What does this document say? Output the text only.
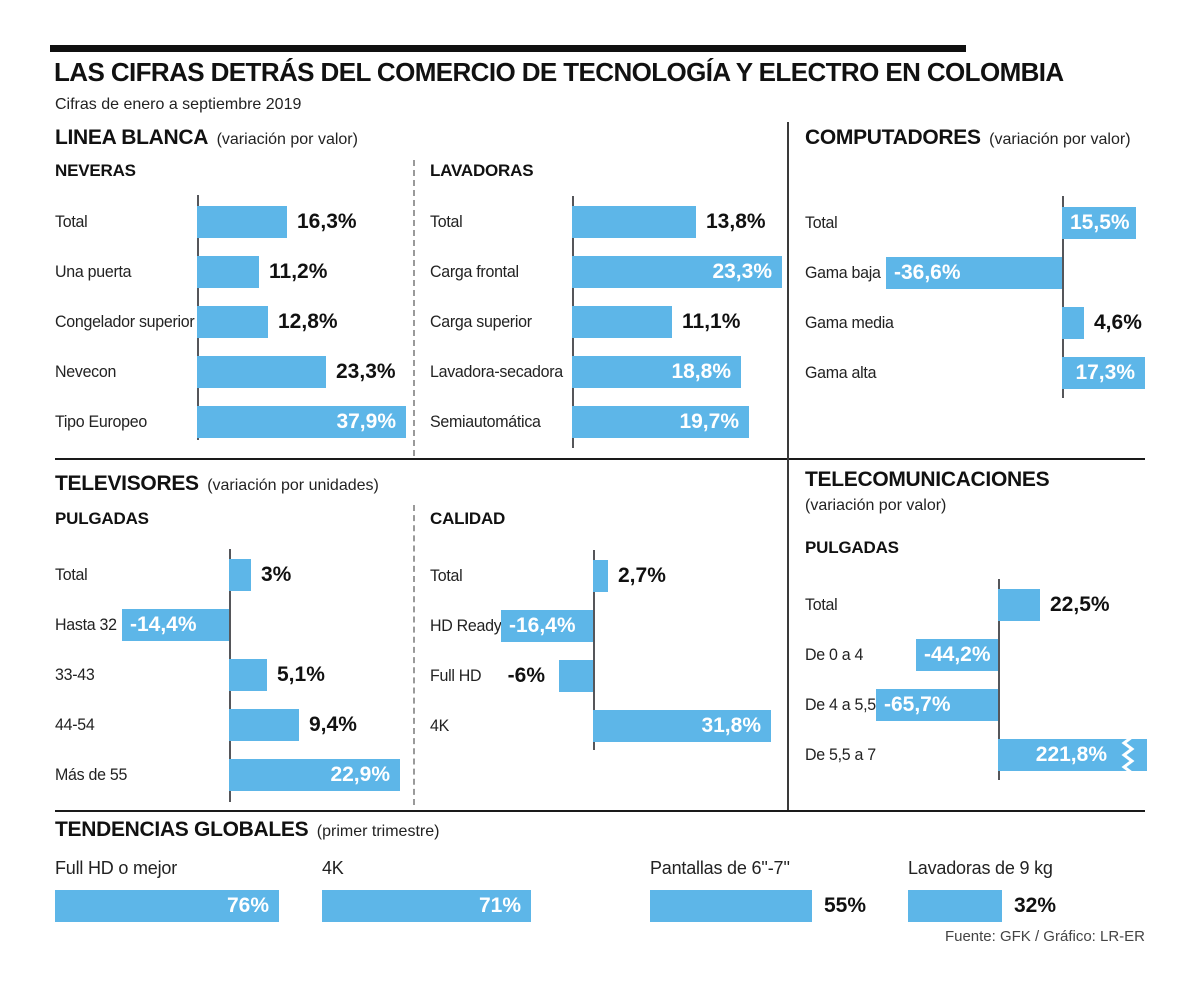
LAS CIFRAS DETRÁS DEL COMERCIO DE TECNOLOGÍA Y ELECTRO EN COLOMBIA
Cifras de enero a septiembre 2019
LINEA BLANCA (variación por valor)
NEVERAS	LAVADORAS
COMPUTADORES (variación por valor)
TELEVISORES (variación por unidades)
PULGADAS	CALIDAD
TELECOMUNICACIONES
(variación por valor)
PULGADAS
TENDENCIAS GLOBALES (primer trimestre)
Total	16,3%
Una puerta	11,2%
Congelador superior	12,8%
Nevecon	23,3%
Tipo Europeo	37,9%
Total	13,8%
Carga frontal	23,3%
Carga superior	11,1%
Lavadora-secadora	18,8%
Semiautomática	19,7%
Total	15,5%
Gama baja -36,6%
Gama media	4,6%
Gama alta	17,3%
Total	3%
Hasta 32 -14,4%
33-43	5,1%
44-54	9,4%
Más de 55	22,9%
Total	2,7%
HD Ready -16,4%
Full HD -6%
4K	31,8%
Total	22,5%
De 0 a 4	-44,2%
De 4 a 5,5 -65,7%
De 5,5 a 7	221,8%
Full HD o mejor
76%
4K
71%
Pantallas de 6''-7''
55%
Lavadoras de 9 kg
32%
Fuente: GFK / Gráfico: LR-ER
